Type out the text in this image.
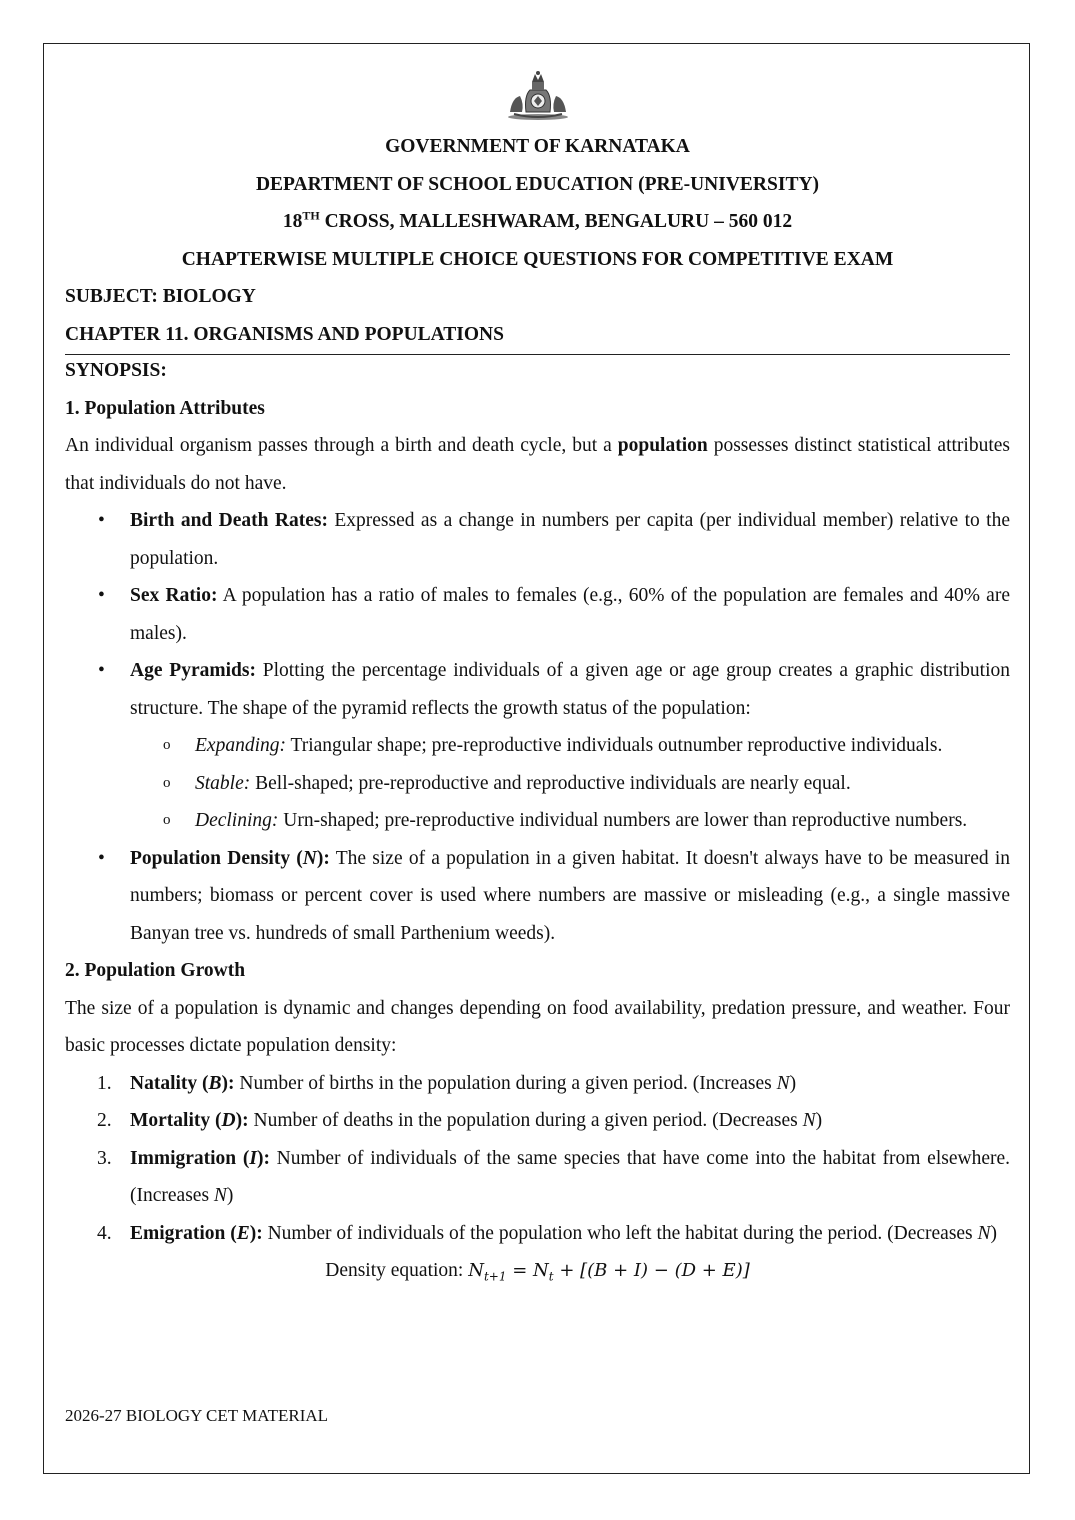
GOVERNMENT OF KARNATAKA
DEPARTMENT OF SCHOOL EDUCATION (PRE-UNIVERSITY)
18TH CROSS, MALLESHWARAM, BENGALURU – 560 012
CHAPTERWISE MULTIPLE CHOICE QUESTIONS FOR COMPETITIVE EXAM
SUBJECT: BIOLOGY
CHAPTER 11. ORGANISMS AND POPULATIONS
SYNOPSIS:
1. Population Attributes

An individual organism passes through a birth and death cycle, but a population possesses distinct statistical attributes that individuals do not have.

• Birth and Death Rates: Expressed as a change in numbers per capita (per individual member) relative to the population.
• Sex Ratio: A population has a ratio of males to females (e.g., 60% of the population are females and 40% are males).
• Age Pyramids: Plotting the percentage individuals of a given age or age group creates a graphic distribution structure. The shape of the pyramid reflects the growth status of the population:
o Expanding: Triangular shape; pre-reproductive individuals outnumber reproductive individuals.
o Stable: Bell-shaped; pre-reproductive and reproductive individuals are nearly equal.
o Declining: Urn-shaped; pre-reproductive individual numbers are lower than reproductive numbers.
• Population Density (N): The size of a population in a given habitat. It doesn't always have to be measured in numbers; biomass or percent cover is used where numbers are massive or misleading (e.g., a single massive Banyan tree vs. hundreds of small Parthenium weeds).
2. Population Growth

The size of a population is dynamic and changes depending on food availability, predation pressure, and weather. Four basic processes dictate population density:

1. Natality (B): Number of births in the population during a given period. (Increases N)
2. Mortality (D): Number of deaths in the population during a given period. (Decreases N)
3. Immigration (I): Number of individuals of the same species that have come into the habitat from elsewhere. (Increases N)
4. Emigration (E): Number of individuals of the population who left the habitat during the period. (Decreases N)
Density equation: $N_{t+1} = N_t + [(B + I) - (D + E)]$
2026-27 BIOLOGY CET MATERIAL
